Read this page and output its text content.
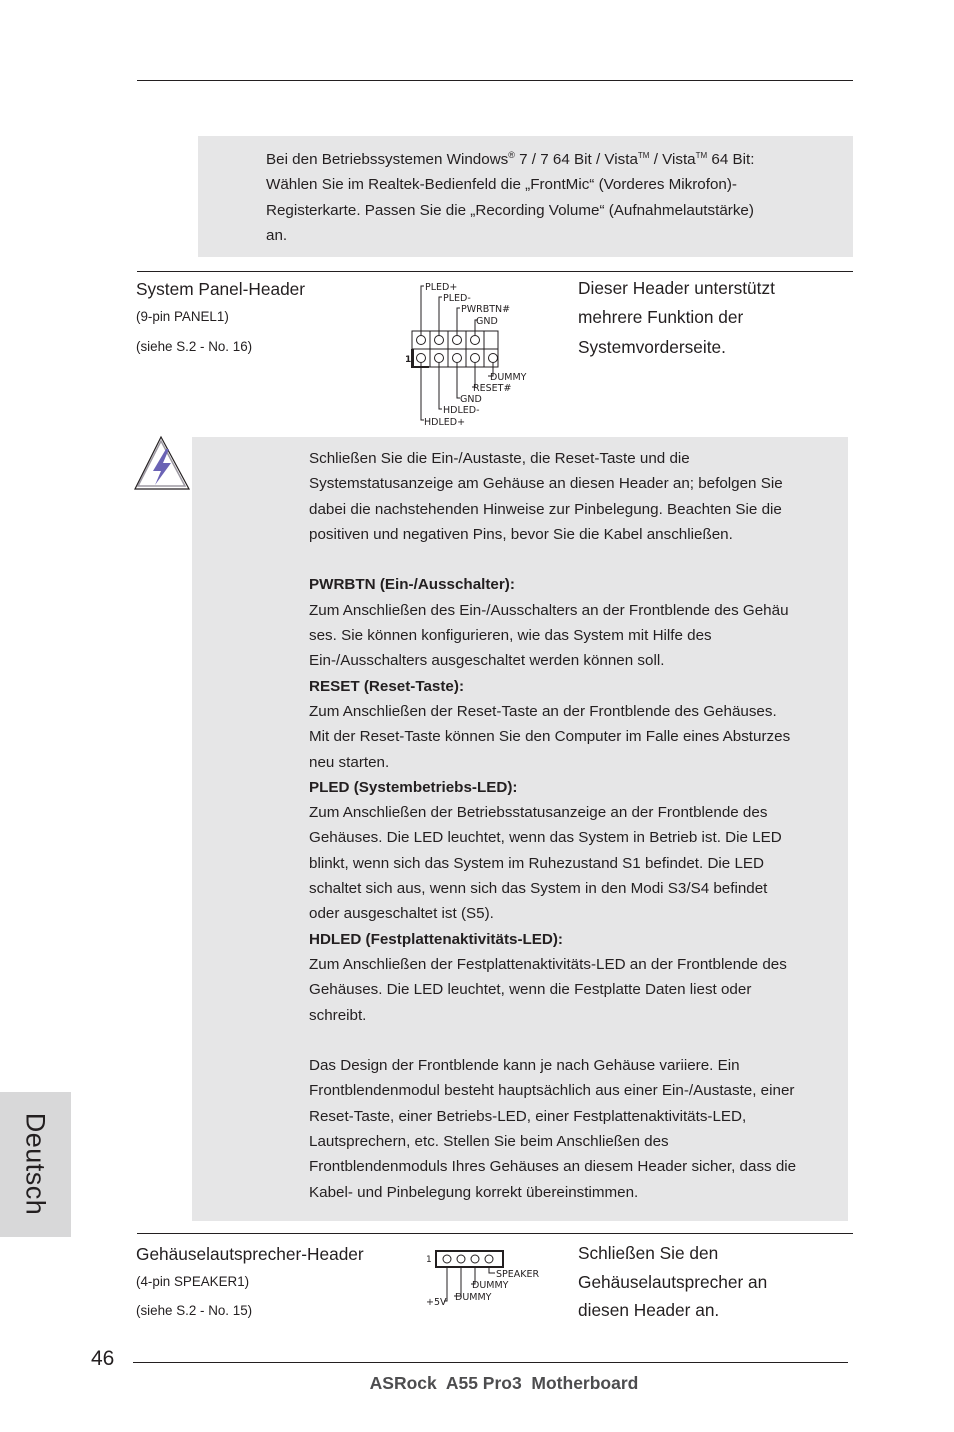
Bei den Betriebssystemen Windows® 7 / 7 64 Bit / Vista™ / Vista™ 64 Bit:

Wählen Sie im Realtek-Bedienfeld die „FrontMic“ (Vorderes Mikrofon)-

Registerkarte. Passen Sie die „Recording Volume“ (Aufnahmelautstärke)

an.

System Panel-Header
(9-pin PANEL1)
(siehe S.2 - No. 16)
Dieser Header unterstützt
mehrere Funktion der
Systemvorderseite.
1
PLED+
PLED-
PWRBTN#
GND
DUMMY
RESET#
GND
HDLED-
HDLED+

Schließen Sie die Ein-/Austaste, die Reset-Taste und die

Systemstatusanzeige am Gehäuse an diesen Header an; befolgen Sie

dabei die nachstehenden Hinweise zur Pinbelegung. Beachten Sie die

positiven und negativen Pins, bevor Sie die Kabel anschließen.

PWRBTN (Ein-/Ausschalter):

Zum Anschließen des Ein-/Ausschalters an der Frontblende des Gehäu

ses. Sie können konfigurieren, wie das System mit Hilfe des

Ein-/Ausschalters ausgeschaltet werden können soll.

RESET (Reset-Taste):

Zum Anschließen der Reset-Taste an der Frontblende des Gehäuses.

Mit der Reset-Taste können Sie den Computer im Falle eines Absturzes

neu starten.

PLED (Systembetriebs-LED):

Zum Anschließen der Betriebsstatusanzeige an der Frontblende des

Gehäuses. Die LED leuchtet, wenn das System in Betrieb ist. Die LED

blinkt, wenn sich das System im Ruhezustand S1 befindet. Die LED

schaltet sich aus, wenn sich das System in den Modi S3/S4 befindet

oder ausgeschaltet ist (S5).

HDLED (Festplattenaktivitäts-LED):

Zum Anschließen der Festplattenaktivitäts-LED an der Frontblende des

Gehäuses. Die LED leuchtet, wenn die Festplatte Daten liest oder

schreibt.

Das Design der Frontblende kann je nach Gehäuse variiere. Ein

Frontblendenmodul besteht hauptsächlich aus einer Ein-/Austaste, einer

Reset-Taste, einer Betriebs-LED, einer Festplattenaktivitäts-LED,

Lautsprechern, etc. Stellen Sie beim Anschließen des

Frontblendenmoduls Ihres Gehäuses an diesem Header sicher, dass die

Kabel- und Pinbelegung korrekt übereinstimmen.

Deutsch
Gehäuselautsprecher-Header
(4-pin SPEAKER1)
(siehe S.2 - No. 15)
Schließen Sie den
Gehäuselautsprecher an
diesen Header an.
1
SPEAKER
DUMMY
DUMMY
+5V
46
ASRock  A55 Pro3  Motherboard
